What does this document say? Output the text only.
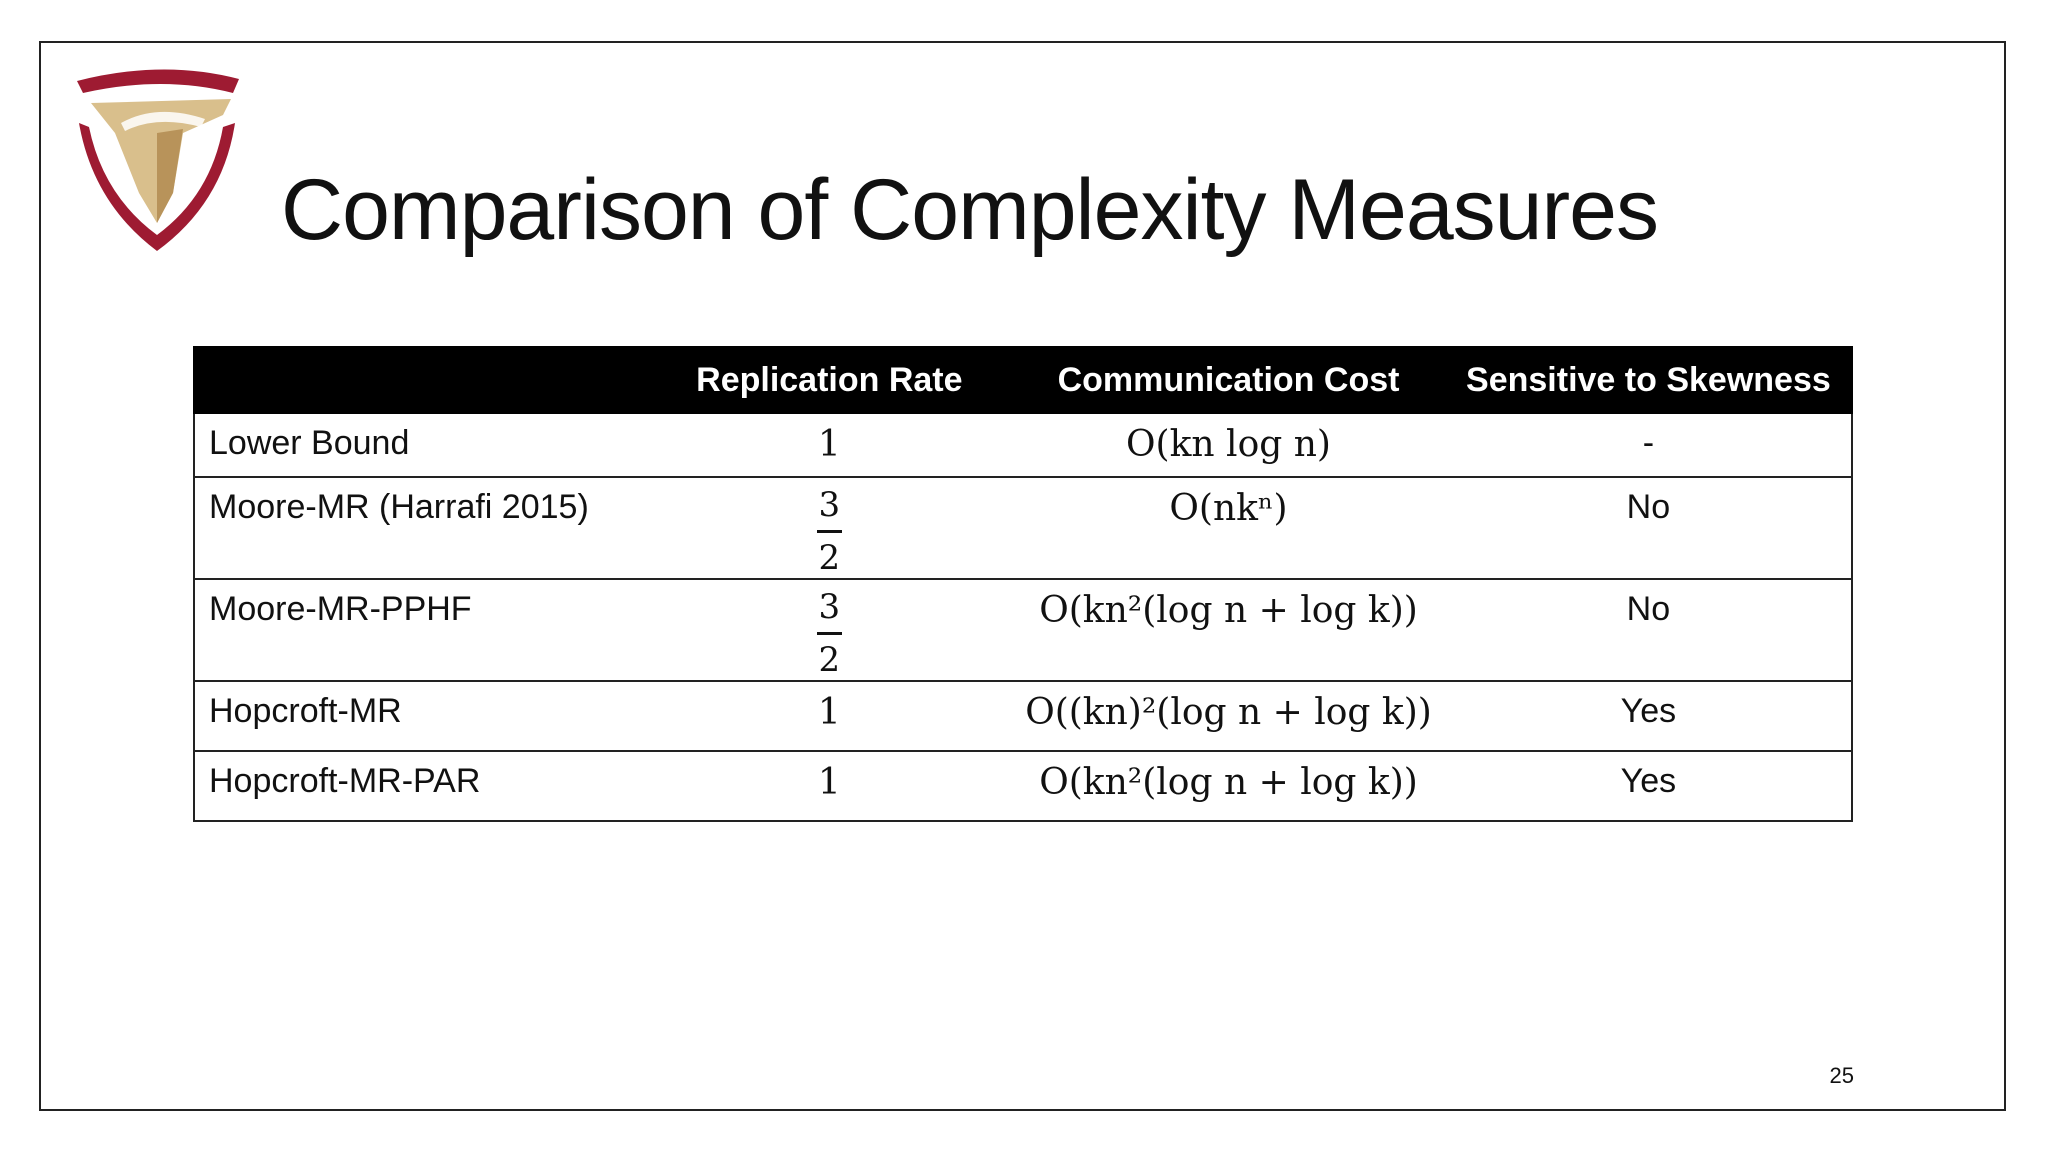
Comparison of Complexity Measures
	Replication Rate	Communication Cost	Sensitive to Skewness
Lower Bound	1	O(kn log n)	-
Moore-MR (Harrafi 2015)	$\frac{3}{2}$	O(nkⁿ)	No
Moore-MR-PPHF	$\frac{3}{2}$	O(kn²(log n + log k))	No
Hopcroft-MR	1	O((kn)²(log n + log k))	Yes
Hopcroft-MR-PAR	1	O(kn²(log n + log k))	Yes
25
